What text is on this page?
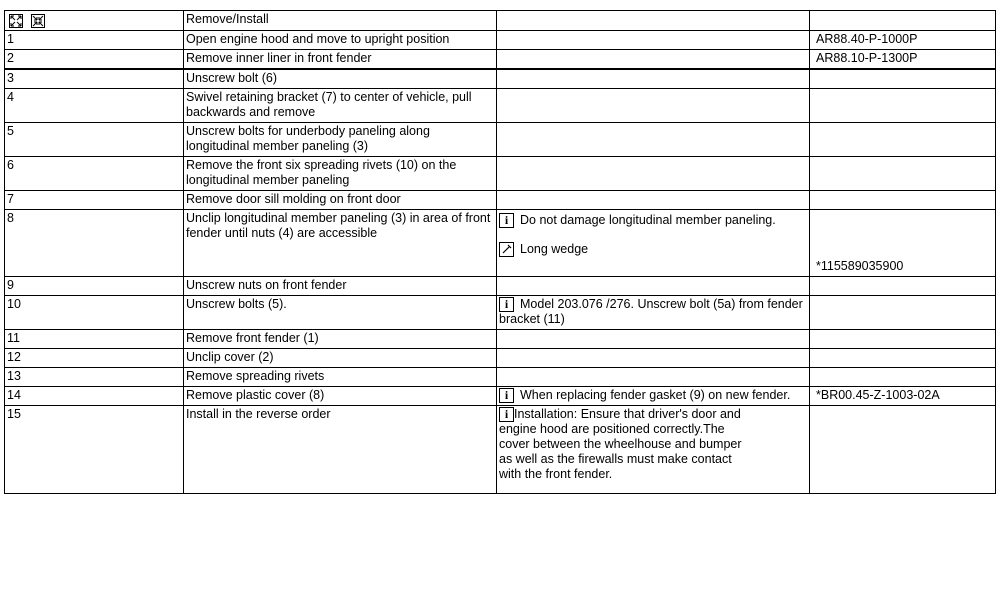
	Remove/Install		
1	Open engine hood and move to upright position		AR88.40-P-1000P

2	Remove inner liner in front fender		AR88.10-P-1300P

3	Unscrew bolt (6)		
4	Swivel retaining bracket (7) to center of vehicle, pull backwards and remove		
5	Unscrew bolts for underbody paneling along longitudinal member paneling (3)		
6	Remove the front six spreading rivets (10) on the longitudinal member paneling		
7	Remove door sill molding on front door		
8	Unclip longitudinal member paneling (3) in area of front fender until nuts (4) are accessible	i Do not damage longitudinal member paneling.
Long wedge	*115589035900

9	Unscrew nuts on front fender		
10	Unscrew bolts (5).	i Model 203.076 /276. Unscrew bolt (5a) from fender bracket (11)	
11	Remove front fender (1)		
12	Unclip cover (2)		
13	Remove spreading rivets		
14	Remove plastic cover (8)	i When replacing fender gasket (9) on new fender.	*BR00.45-Z-1003-02A

15	Install in the reverse order	i Installation: Ensure that driver's door and
engine hood are positioned correctly.The
cover between the wheelhouse and bumper
as well as the firewalls must make contact
with the front fender.	
